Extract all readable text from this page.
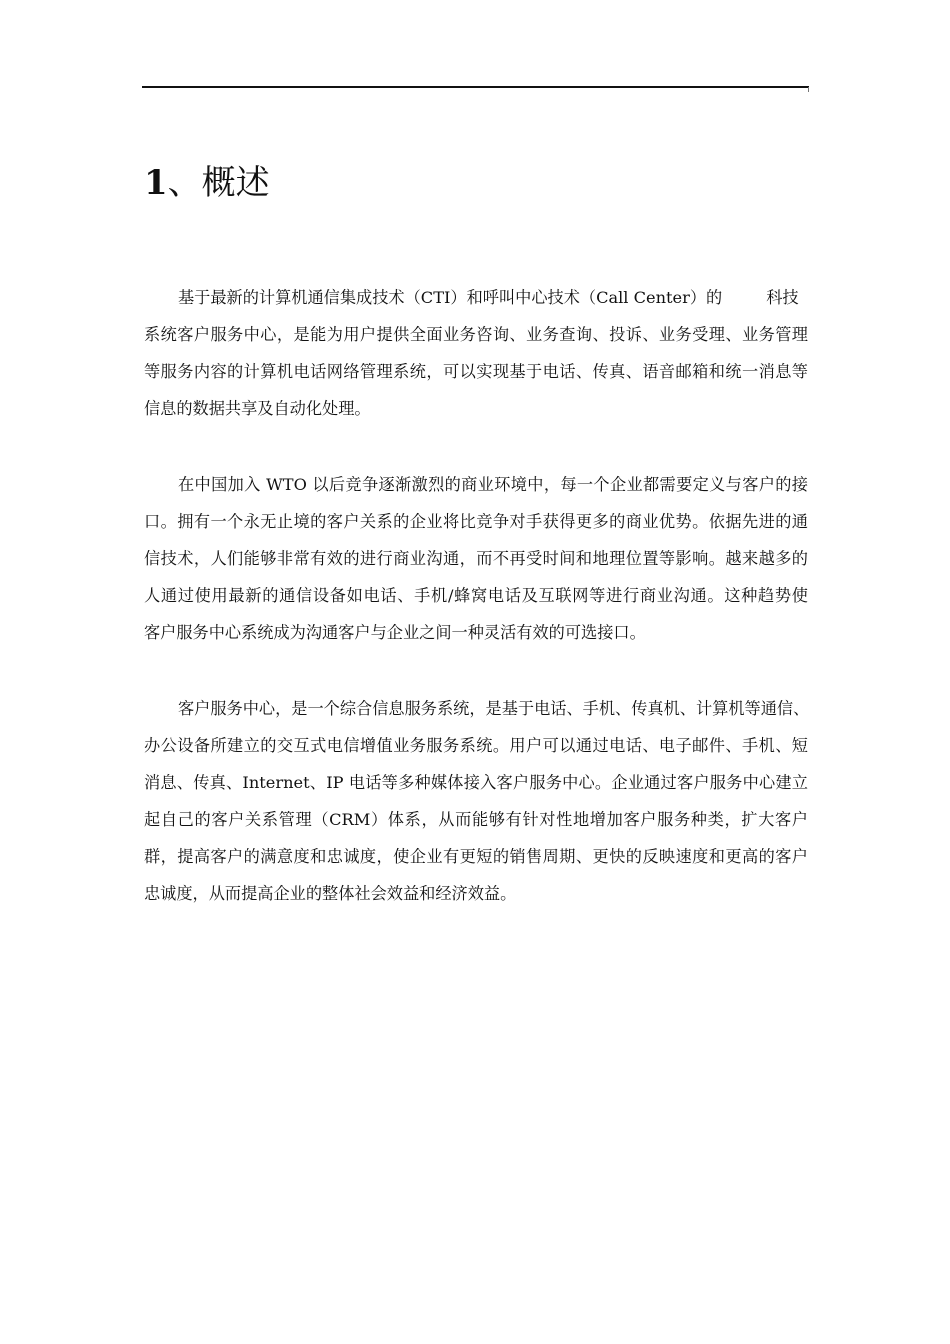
1、概述
基于最新的计算机通信集成技术（CTI）和呼叫中心技术（Call Center）的	科技
系统客户服务中心，是能为用户提供全面业务咨询、业务查询、投诉、业务受理、业务管理
等服务内容的计算机电话网络管理系统，可以实现基于电话、传真、语音邮箱和统一消息等
信息的数据共享及自动化处理。
在中国加入 WTO 以后竞争逐渐激烈的商业环境中，每一个企业都需要定义与客户的接
口。拥有一个永无止境的客户关系的企业将比竞争对手获得更多的商业优势。依据先进的通
信技术，人们能够非常有效的进行商业沟通，而不再受时间和地理位置等影响。越来越多的
人通过使用最新的通信设备如电话、手机/蜂窝电话及互联网等进行商业沟通。这种趋势使
客户服务中心系统成为沟通客户与企业之间一种灵活有效的可选接口。
客户服务中心，是一个综合信息服务系统，是基于电话、手机、传真机、计算机等通信、
办公设备所建立的交互式电信增值业务服务系统。用户可以通过电话、电子邮件、手机、短
消息、传真、Internet、IP 电话等多种媒体接入客户服务中心。企业通过客户服务中心建立
起自己的客户关系管理（CRM）体系，从而能够有针对性地增加客户服务种类，扩大客户
群，提高客户的满意度和忠诚度，使企业有更短的销售周期、更快的反映速度和更高的客户
忠诚度，从而提高企业的整体社会效益和经济效益。
